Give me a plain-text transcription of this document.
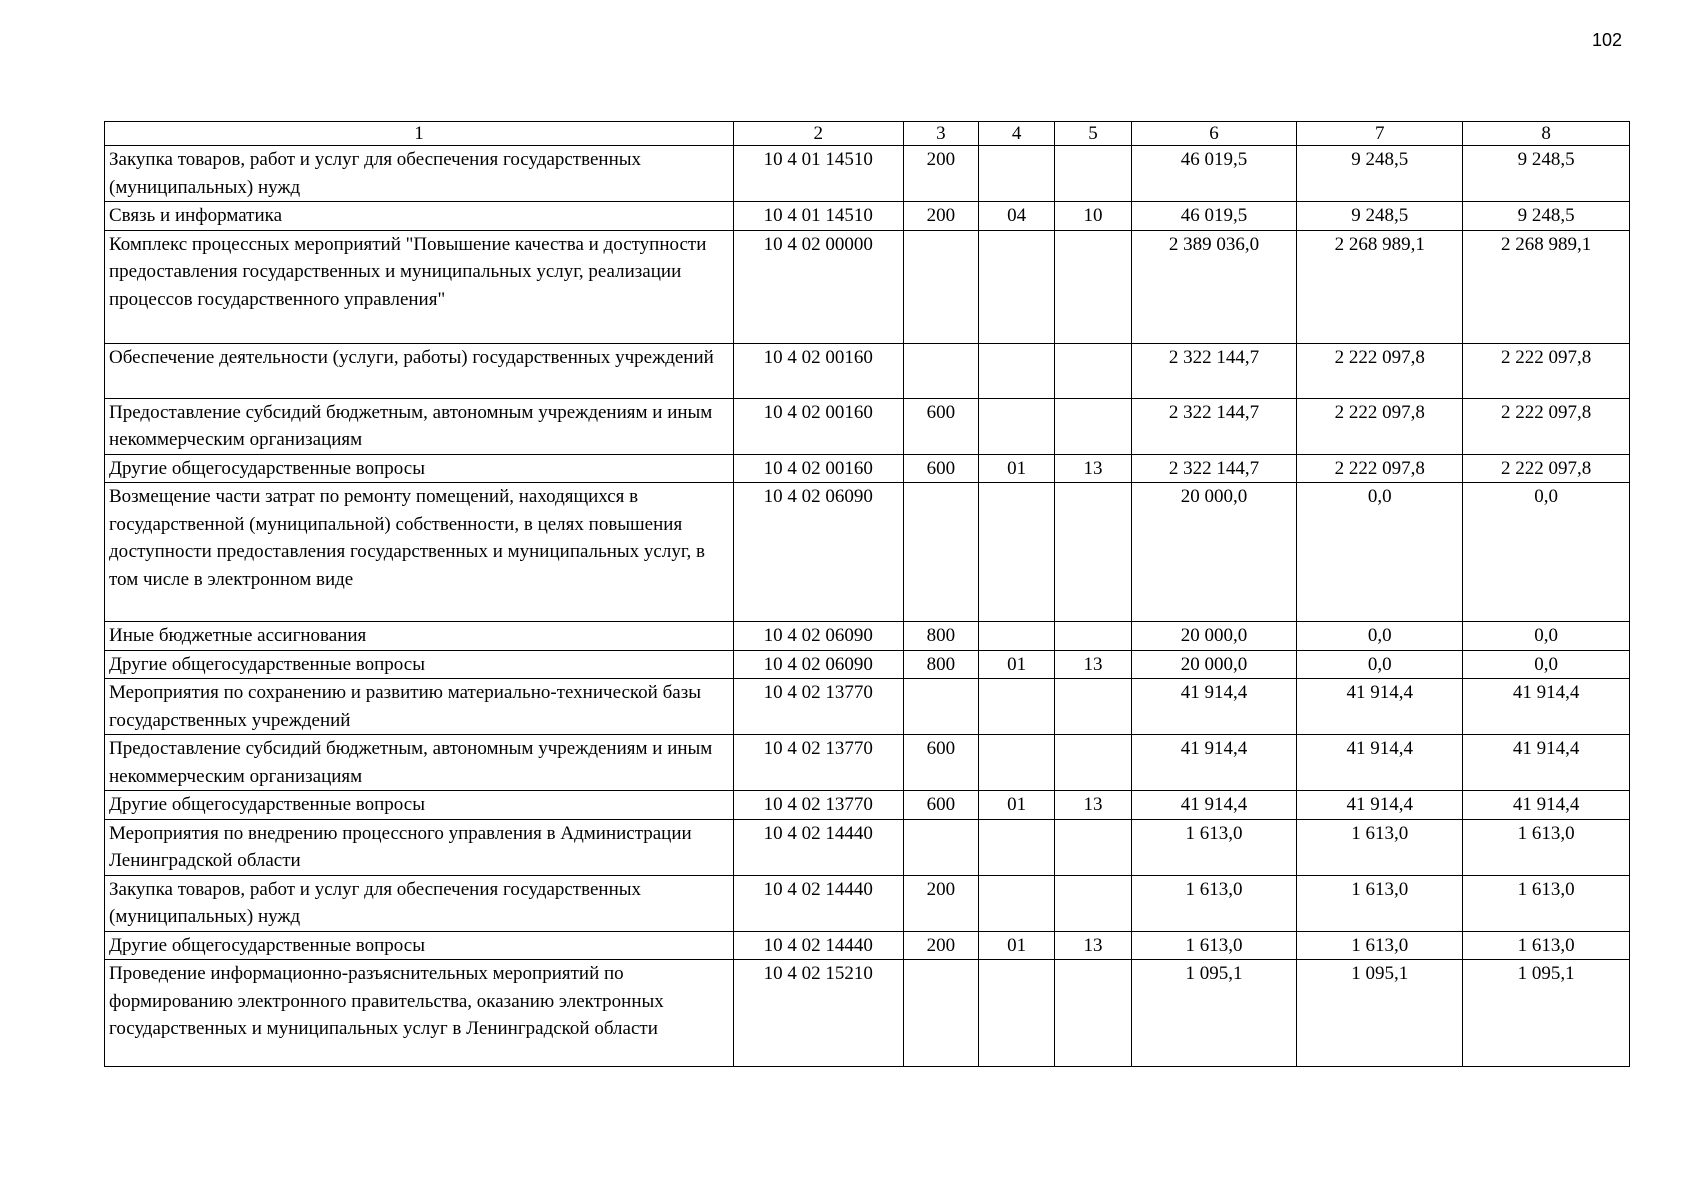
102
1	2	3	4	5	6	7	8
Закупка товаров, работ и услуг для обеспечения государственных (муниципальных) нужд	10 4 01 14510	200			46 019,5	9 248,5	9 248,5
Связь и информатика	10 4 01 14510	200	04	10	46 019,5	9 248,5	9 248,5
Комплекс процессных мероприятий "Повышение качества и доступности предоставления государственных и муниципальных услуг, реализации процессов государственного управления"	10 4 02 00000				2 389 036,0	2 268 989,1	2 268 989,1
Обеспечение деятельности (услуги, работы) государственных учреждений	10 4 02 00160				2 322 144,7	2 222 097,8	2 222 097,8
Предоставление субсидий бюджетным, автономным учреждениям и иным некоммерческим организациям	10 4 02 00160	600			2 322 144,7	2 222 097,8	2 222 097,8
Другие общегосударственные вопросы	10 4 02 00160	600	01	13	2 322 144,7	2 222 097,8	2 222 097,8
Возмещение части затрат по ремонту помещений, находящихся в государственной (муниципальной) собственности, в целях повышения доступности предоставления государственных и муниципальных услуг, в том числе в электронном виде	10 4 02 06090				20 000,0	0,0	0,0
Иные бюджетные ассигнования	10 4 02 06090	800			20 000,0	0,0	0,0
Другие общегосударственные вопросы	10 4 02 06090	800	01	13	20 000,0	0,0	0,0
Мероприятия по сохранению и развитию материально-технической базы государственных учреждений	10 4 02 13770				41 914,4	41 914,4	41 914,4
Предоставление субсидий бюджетным, автономным учреждениям и иным некоммерческим организациям	10 4 02 13770	600			41 914,4	41 914,4	41 914,4
Другие общегосударственные вопросы	10 4 02 13770	600	01	13	41 914,4	41 914,4	41 914,4
Мероприятия по внедрению процессного управления в Администрации Ленинградской области	10 4 02 14440				1 613,0	1 613,0	1 613,0
Закупка товаров, работ и услуг для обеспечения государственных (муниципальных) нужд	10 4 02 14440	200			1 613,0	1 613,0	1 613,0
Другие общегосударственные вопросы	10 4 02 14440	200	01	13	1 613,0	1 613,0	1 613,0
Проведение информационно-разъяснительных мероприятий по формированию электронного правительства, оказанию электронных государственных и муниципальных услуг в Ленинградской области	10 4 02 15210				1 095,1	1 095,1	1 095,1
